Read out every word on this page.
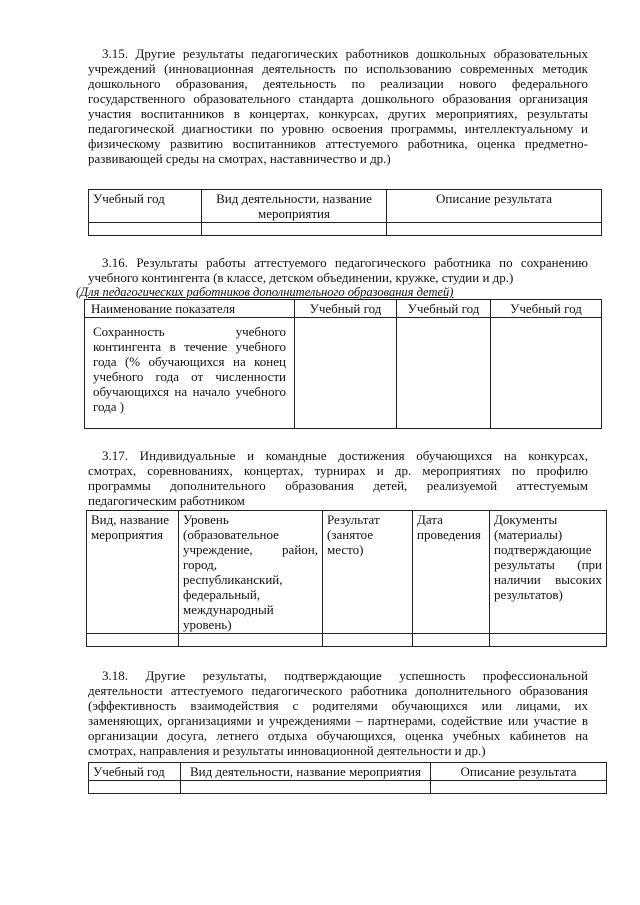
3.15. Другие результаты педагогических работников дошкольных образовательных
учреждений (инновационная деятельность по использованию современных методик
дошкольного образования, деятельность по реализации нового федерального
государственного образовательного стандарта дошкольного образования организация
участия воспитанников в концертах, конкурсах, других мероприятиях, результаты
педагогической диагностики по уровню освоения программы, интеллектуальному и
физическому развитию воспитанников аттестуемого работника, оценка предметно-
развивающей среды на смотрах, наставничество и др.)
Учебный год	Вид деятельности, название мероприятия	Описание результата

3.16. Результаты работы аттестуемого педагогического работника по сохранению
учебного контингента (в классе, детском объединении, кружке, студии и др.)
(Для педагогических работников дополнительного образования детей)
Наименование показателя	Учебный год	Учебный год	Учебный год
Сохранность учебного контингента в течение учебного года (% обучающихся на конец учебного года от численности обучающихся на начало учебного года )			
3.17. Индивидуальные и командные достижения обучающихся на конкурсах,
смотрах, соревнованиях, концертах, турнирах и др. мероприятиях по профилю
программы дополнительного образования детей, реализуемой аттестуемым
педагогическим работником
Вид, название мероприятия	Уровень (образовательное учреждение, район, город, республиканский, федеральный, международный уровень)	Результат (занятое место)	Дата проведения	Документы (материалы) подтверждающие результаты (при наличии высоких результатов)

3.18. Другие результаты, подтверждающие успешность профессиональной
деятельности аттестуемого педагогического работника дополнительного образования
(эффективность взаимодействия с родителями обучающихся или лицами, их
заменяющих, организациями и учреждениями – партнерами, содействие или участие в
организации досуга, летнего отдыха обучающихся, оценка учебных кабинетов на
смотрах, направления и результаты инновационной деятельности и др.)
Учебный год	Вид деятельности, название мероприятия	Описание результата
